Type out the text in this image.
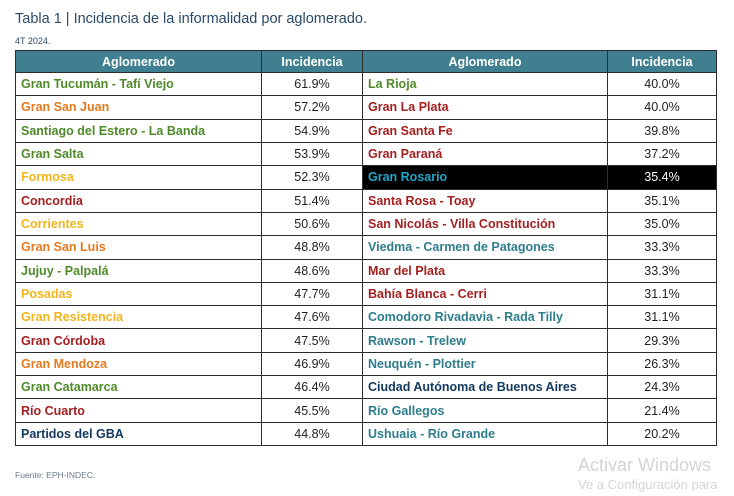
Tabla 1 | Incidencia de la informalidad por aglomerado.
4T 2024.
Aglomerado	Incidencia	Aglomerado	Incidencia
Gran Tucumán - Tafí Viejo	61.9%	La Rioja	40.0%
Gran San Juan	57.2%	Gran La Plata	40.0%
Santiago del Estero - La Banda	54.9%	Gran Santa Fe	39.8%
Gran Salta	53.9%	Gran Paraná	37.2%
Formosa	52.3%	Gran Rosario	35.4%
Concordia	51.4%	Santa Rosa - Toay	35.1%
Corrientes	50.6%	San Nicolás - Villa Constitución	35.0%
Gran San Luis	48.8%	Viedma - Carmen de Patagones	33.3%
Jujuy - Palpalá	48.6%	Mar del Plata	33.3%
Posadas	47.7%	Bahía Blanca - Cerri	31.1%
Gran Resistencia	47.6%	Comodoro Rivadavia - Rada Tilly	31.1%
Gran Córdoba	47.5%	Rawson - Trelew	29.3%
Gran Mendoza	46.9%	Neuquén - Plottier	26.3%
Gran Catamarca	46.4%	Ciudad Autónoma de Buenos Aires	24.3%
Río Cuarto	45.5%	Río Gallegos	21.4%
Partidos del GBA	44.8%	Ushuaia - Río Grande	20.2%
Fuente: EPH-INDEC.	Activar Windows
Ve a Configuración para
